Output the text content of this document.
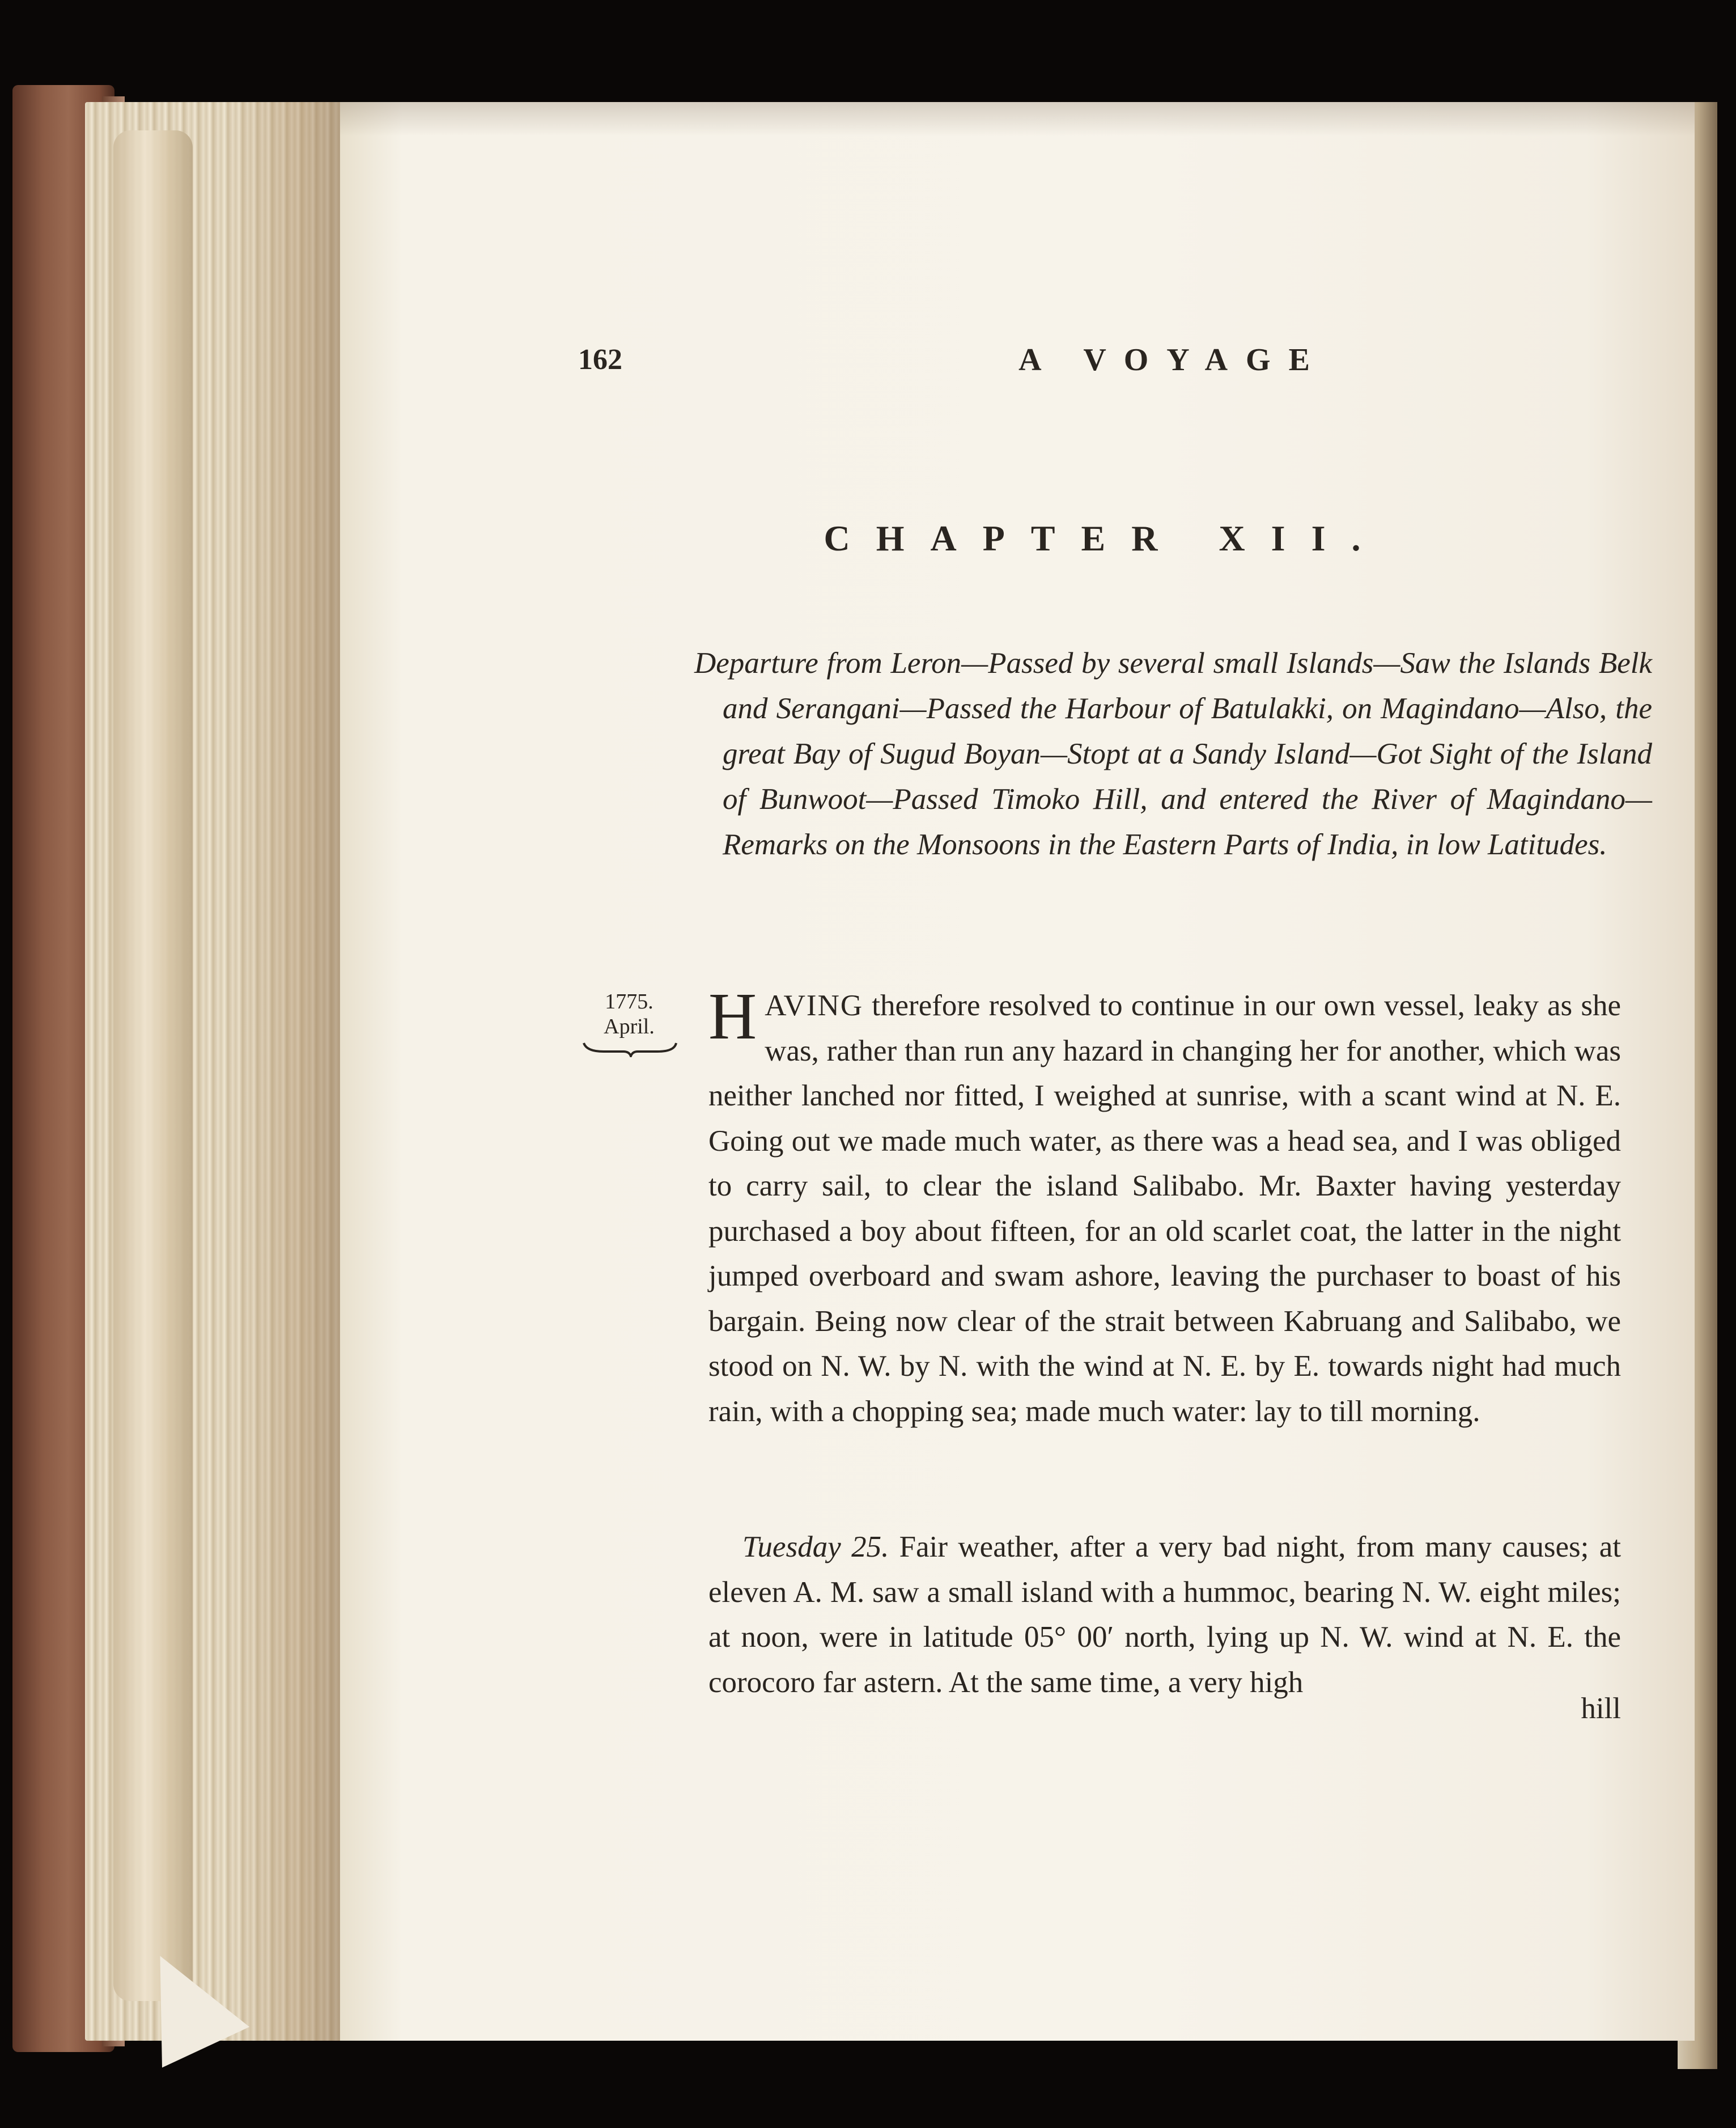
162	A VOYAGE
CHAPTER XII.
Departure from Leron—Passed by several small Islands—Saw the Islands Belk and Serangani—Passed the Harbour of Batulakki, on Magindano—Also, the great Bay of Sugud Boyan—Stopt at a Sandy Island—Got Sight of the Island of Bunwoot—Passed Timoko Hill, and entered the River of Magindano—Remarks on the Monsoons in the Eastern Parts of India, in low Latitudes.
1775.
April. HAVING therefore resolved to continue in our own vessel, leaky as she was, rather than run any hazard in changing her for another, which was neither lanched nor fitted, I weighed at sunrise, with a scant wind at N. E. Going out we made much water, as there was a head sea, and I was obliged to carry sail, to clear the island Salibabo. Mr. Baxter having yesterday purchased a boy about fifteen, for an old scarlet coat, the latter in the night jumped overboard and swam ashore, leaving the purchaser to boast of his bargain. Being now clear of the strait between Kabruang and Salibabo, we stood on N. W. by N. with the wind at N. E. by E. towards night had much rain, with a chopping sea; made much water: lay to till morning.
Tuesday 25. Fair weather, after a very bad night, from many causes; at eleven A. M. saw a small island with a hummoc, bearing N. W. eight miles; at noon, were in latitude 05° 00′ north, lying up N. W. wind at N. E. the corocoro far astern. At the same time, a very high
hill
